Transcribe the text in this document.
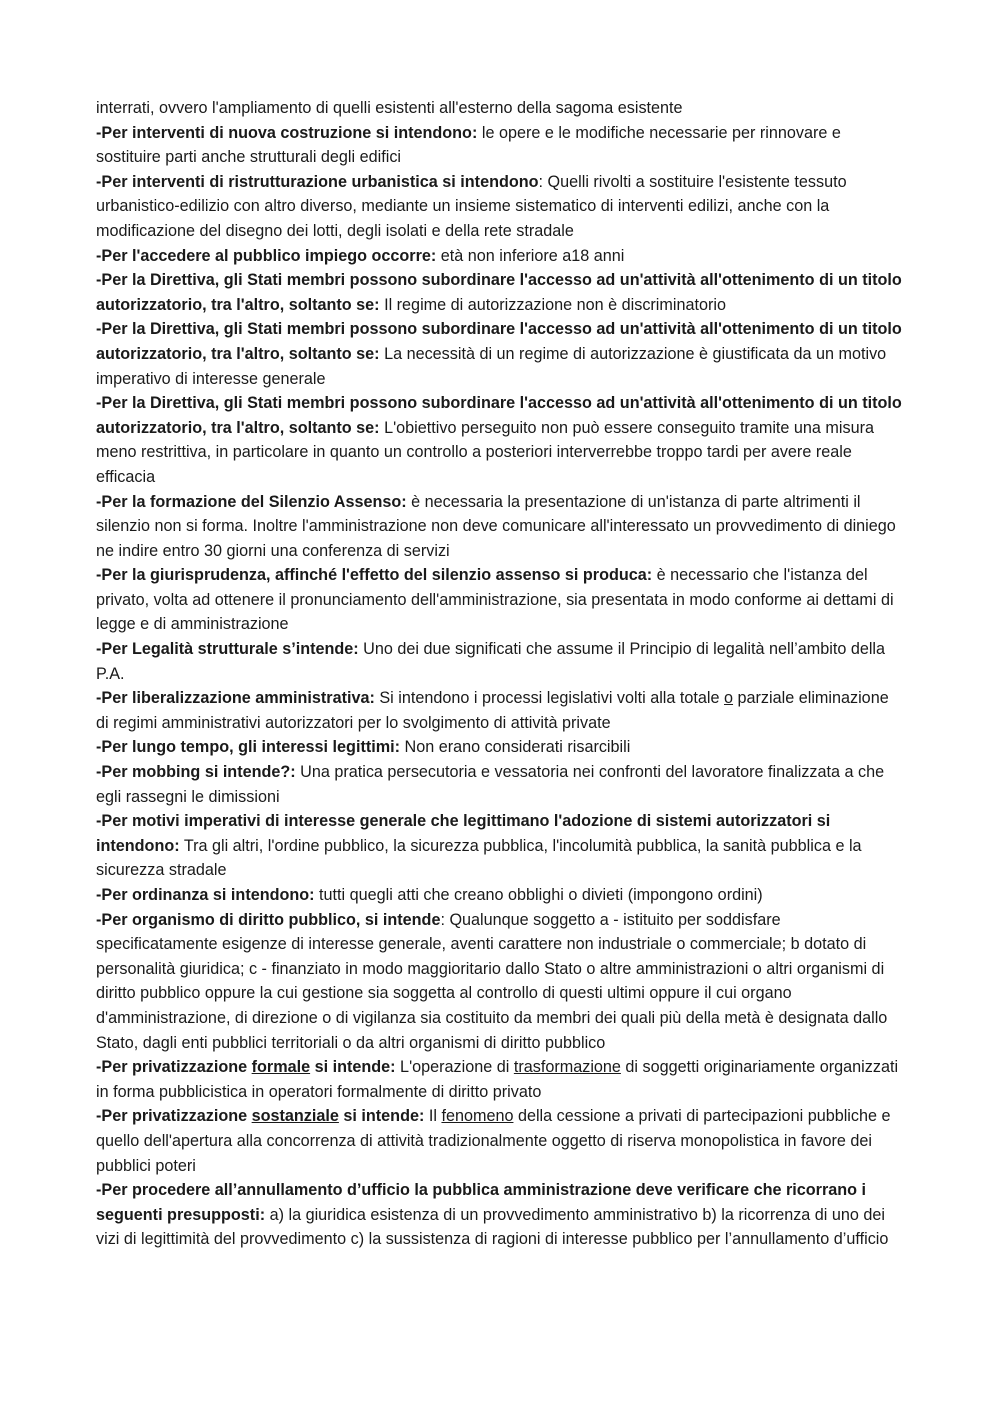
interrati, ovvero l'ampliamento di quelli esistenti all'esterno della sagoma esistente

-Per interventi di nuova costruzione si intendono: le opere e le modifiche necessarie per rinnovare e sostituire parti anche strutturali degli edifici

-Per interventi di ristrutturazione urbanistica si intendono: Quelli rivolti a sostituire l'esistente tessuto urbanistico-edilizio con altro diverso, mediante un insieme sistematico di interventi edilizi, anche con la modificazione del disegno dei lotti, degli isolati e della rete stradale

-Per l'accedere al pubblico impiego occorre: età non inferiore a18 anni

-Per la Direttiva, gli Stati membri possono subordinare l'accesso ad un'attività all'ottenimento di un titolo autorizzatorio, tra l'altro, soltanto se: Il regime di autorizzazione non è discriminatorio

-Per la Direttiva, gli Stati membri possono subordinare l'accesso ad un'attività all'ottenimento di un titolo autorizzatorio, tra l'altro, soltanto se: La necessità di un regime di autorizzazione è giustificata da un motivo imperativo di interesse generale

-Per la Direttiva, gli Stati membri possono subordinare l'accesso ad un'attività all'ottenimento di un titolo autorizzatorio, tra l'altro, soltanto se: L'obiettivo perseguito non può essere conseguito tramite una misura meno restrittiva, in particolare in quanto un controllo a posteriori interverrebbe troppo tardi per avere reale efficacia

-Per la formazione del Silenzio Assenso: è necessaria la presentazione di un'istanza di parte altrimenti il silenzio non si forma. Inoltre l'amministrazione non deve comunicare all'interessato un provvedimento di diniego ne indire entro 30 giorni una conferenza di servizi

-Per la giurisprudenza, affinché l'effetto del silenzio assenso si produca: è necessario che l'istanza del privato, volta ad ottenere il pronunciamento dell'amministrazione, sia presentata in modo conforme ai dettami di legge e di amministrazione

-Per Legalità strutturale s’intende: Uno dei due significati che assume il Principio di legalità nell’ambito della P.A.

-Per liberalizzazione amministrativa: Si intendono i processi legislativi volti alla totale o parziale eliminazione di regimi amministrativi autorizzatori per lo svolgimento di attività private

-Per lungo tempo, gli interessi legittimi: Non erano considerati risarcibili

-Per mobbing si intende?: Una pratica persecutoria e vessatoria nei confronti del lavoratore finalizzata a che egli rassegni le dimissioni

-Per motivi imperativi di interesse generale che legittimano l'adozione di sistemi autorizzatori si intendono: Tra gli altri, l'ordine pubblico, la sicurezza pubblica, l'incolumità pubblica, la sanità pubblica e la sicurezza stradale

-Per ordinanza si intendono: tutti quegli atti che creano obblighi o divieti (impongono ordini)

-Per organismo di diritto pubblico, si intende: Qualunque soggetto a - istituito per soddisfare specificatamente esigenze di interesse generale, aventi carattere non industriale o commerciale; b dotato di personalità giuridica; c - finanziato in modo maggioritario dallo Stato o altre amministrazioni o altri organismi di diritto pubblico oppure la cui gestione sia soggetta al controllo di questi ultimi oppure il cui organo d'amministrazione, di direzione o di vigilanza sia costituito da membri dei quali più della metà è designata dallo Stato, dagli enti pubblici territoriali o da altri organismi di diritto pubblico

-Per privatizzazione formale si intende: L'operazione di trasformazione di soggetti originariamente organizzati in forma pubblicistica in operatori formalmente di diritto privato

-Per privatizzazione sostanziale si intende: Il fenomeno della cessione a privati di partecipazioni pubbliche e quello dell'apertura alla concorrenza di attività tradizionalmente oggetto di riserva monopolistica in favore dei pubblici poteri

-Per procedere all’annullamento d’ufficio la pubblica amministrazione deve verificare che ricorrano i seguenti presupposti: a) la giuridica esistenza di un provvedimento amministrativo b) la ricorrenza di uno dei vizi di legittimità del provvedimento c) la sussistenza di ragioni di interesse pubblico per l’annullamento d’ufficio
